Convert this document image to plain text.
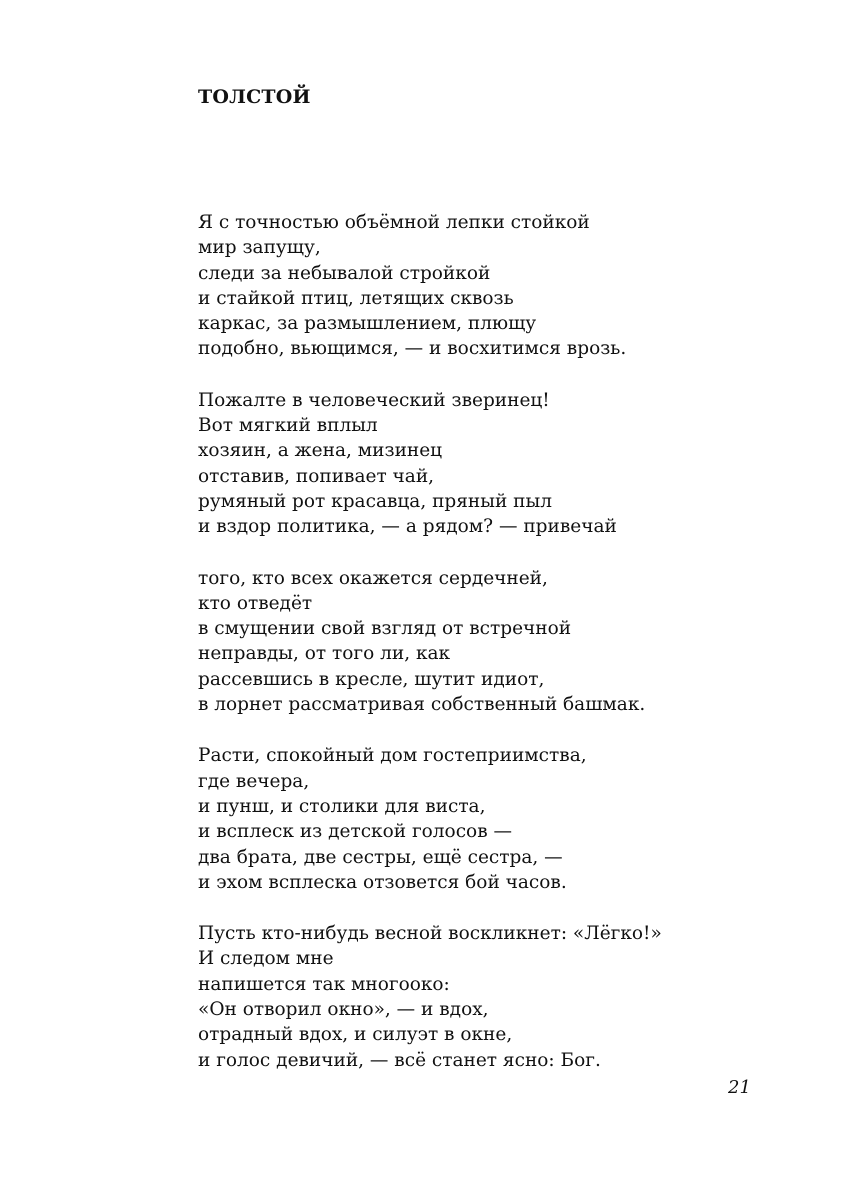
ТОЛСТОЙ
Я с точностью объёмной лепки стойкой
мир запущу,
следи за небывалой стройкой
и стайкой птиц, летящих сквозь
каркас, за размышлением, плющу
подобно, вьющимся, — и восхитимся врозь.
Пожалте в человеческий зверинец!
Вот мягкий вплыл
хозяин, а жена, мизинец
отставив, попивает чай,
румяный рот красавца, пряный пыл
и вздор политика, — а рядом? — привечай
того, кто всех окажется сердечней,
кто отведёт
в смущении свой взгляд от встречной
неправды, от того ли, как
рассевшись в кресле, шутит идиот,
в лорнет рассматривая собственный башмак.
Расти, спокойный дом гостеприимства,
где вечера,
и пунш, и столики для виста,
и всплеск из детской голосов —
два брата, две сестры, ещё сестра, —
и эхом всплеска отзовется бой часов.
Пусть кто-нибудь весной воскликнет: «Лёгко!»
И следом мне
напишется так многооко:
«Он отворил окно», — и вдох,
отрадный вдох, и силуэт в окне,
и голос девичий, — всё станет ясно: Бог.
21
